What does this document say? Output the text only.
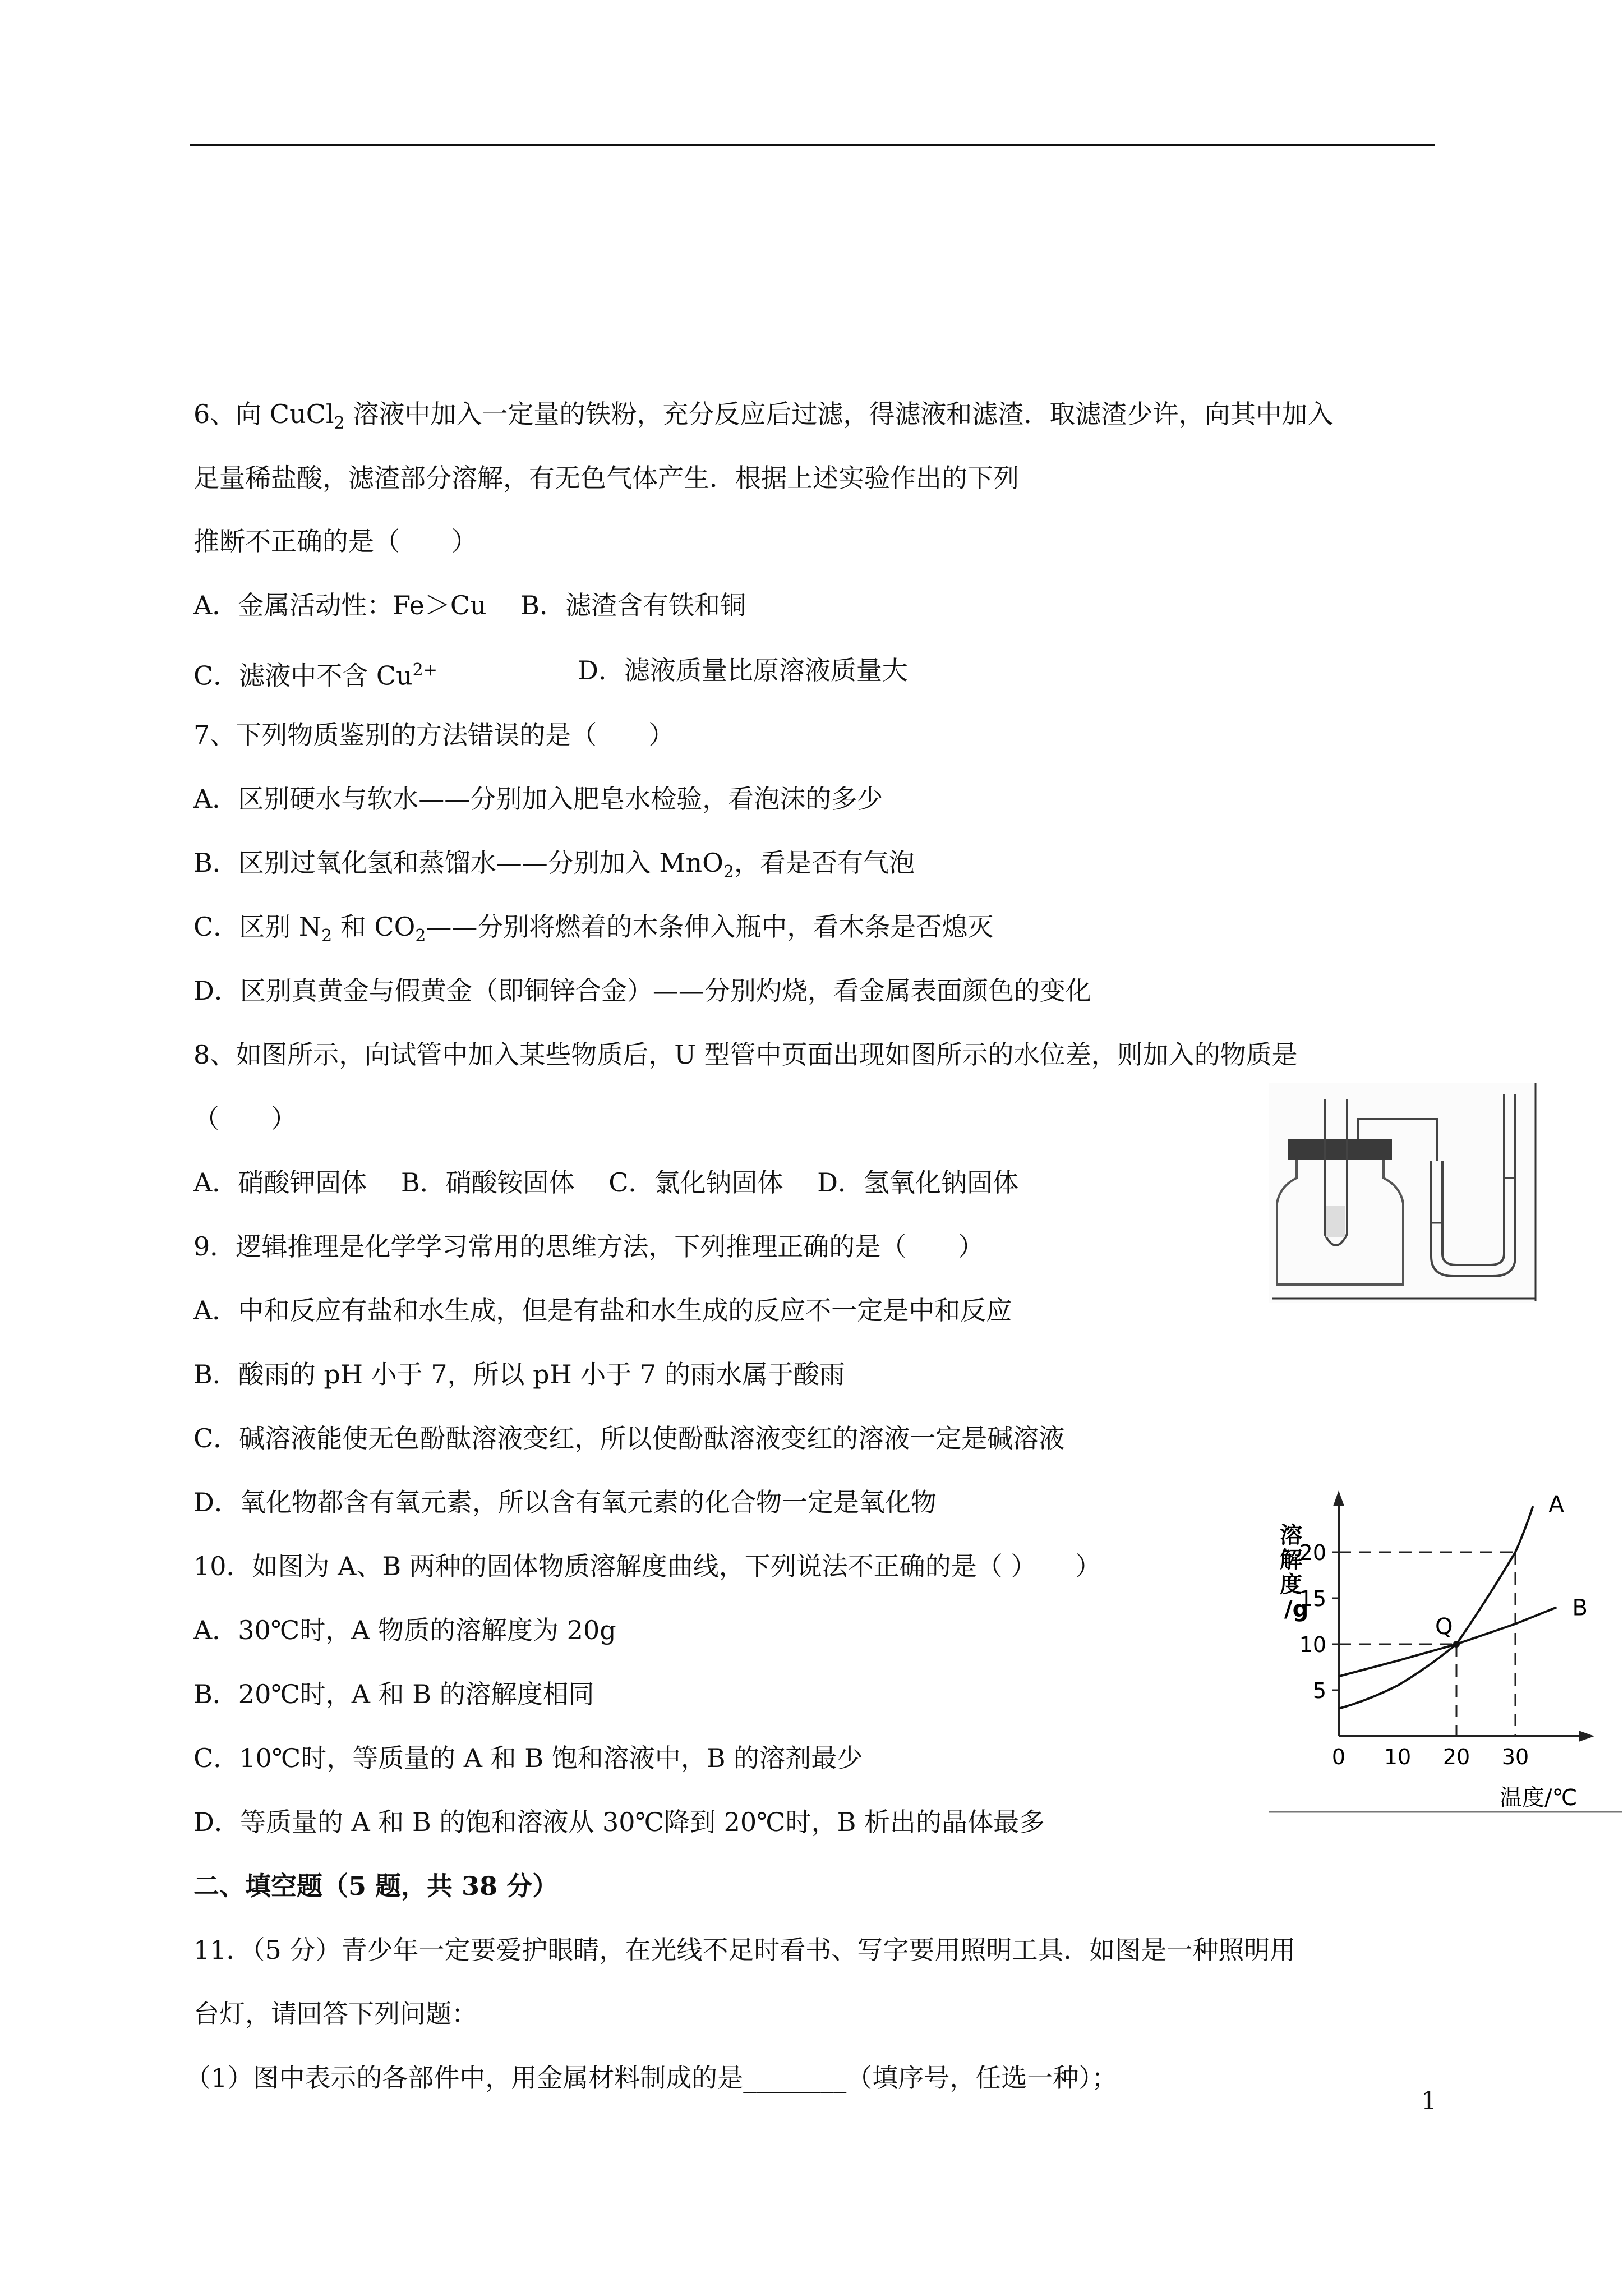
6、向 CuCl$_2$ 溶液中加入一定量的铁粉，充分反应后过滤，得滤液和滤渣．取滤渣少许，向其中加入
足量稀盐酸，滤渣部分溶解，有无色气体产生．根据上述实验作出的下列
推断不正确的是（　　）
A．金属活动性：Fe＞Cu　 B．滤渣含有铁和铜
C．滤液中不含 $Cu^{2+}$	D．滤液质量比原溶液质量大
7、下列物质鉴别的方法错误的是（　　）
A．区别硬水与软水——分别加入肥皂水检验，看泡沫的多少
B．区别过氧化氢和蒸馏水——分别加入 MnO$_2$，看是否有气泡
C．区别 $N_2$ 和 $CO_2——$分别将燃着的木条伸入瓶中，看木条是否熄灭
D．区别真黄金与假黄金（即铜锌合金）——分别灼烧，看金属表面颜色的变化
8、如图所示，向试管中加入某些物质后，U 型管中页面出现如图所示的水位差，则加入的物质是
（　　）
A．硝酸钾固体　 B．硝酸铵固体　 C．氯化钠固体　 D．氢氧化钠固体
9．逻辑推理是化学学习常用的思维方法，下列推理正确的是（　　）
A．中和反应有盐和水生成，但是有盐和水生成的反应不一定是中和反应
B．酸雨的 pH 小于 7，所以 pH 小于 7 的雨水属于酸雨
C．碱溶液能使无色酚酞溶液变红，所以使酚酞溶液变红的溶液一定是碱溶液
D．氧化物都含有氧元素，所以含有氧元素的化合物一定是氧化物
10．如图为 A、B 两种的固体物质溶解度曲线，下列说法不正确的是（ ）　　）
A．30℃时，A 物质的溶解度为 20g
B．20℃时，A 和 B 的溶解度相同
C．10℃时，等质量的 A 和 B 饱和溶液中，B 的溶剂最少
D．等质量的 A 和 B 的饱和溶液从 30℃降到 20℃时，B 析出的晶体最多
溶解度/g
温度/℃
5
10
15
20
0 10 20 30
A
B
Q
二、填空题（5 题，共 38 分）
11．（5 分）青少年一定要爱护眼睛，在光线不足时看书、写字要用照明工具．如图是一种照明用
台灯，请回答下列问题：
（1）图中表示的各部件中，用金属材料制成的是________（填序号，任选一种）；
1
